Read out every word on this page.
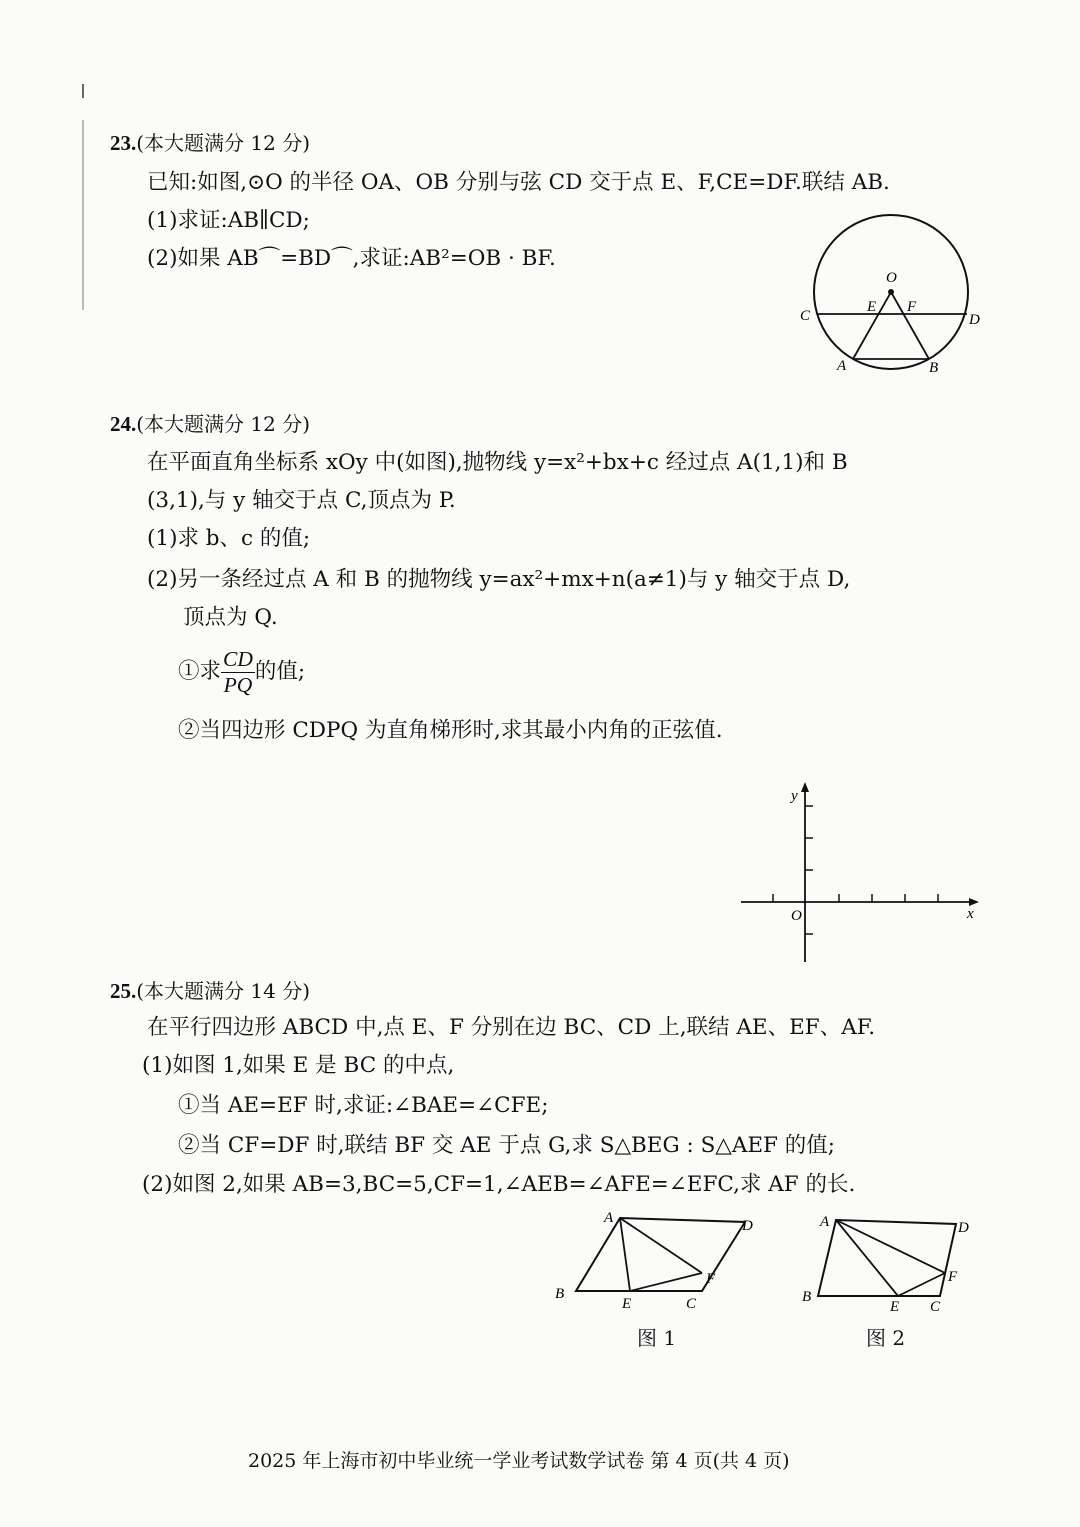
23.(本大题满分 12 分)
已知:如图,⊙O 的半径 OA、OB 分别与弦 CD 交于点 E、F,CE=DF.联结 AB.
(1)求证:AB∥CD;
(2)如果 AB⌒=BD⌒,求证:AB²=OB · BF.
O
E F
C	D
A	B
24.(本大题满分 12 分)
在平面直角坐标系 xOy 中(如图),抛物线 y=x²+bx+c 经过点 A(1,1)和 B
(3,1),与 y 轴交于点 C,顶点为 P.
(1)求 b、c 的值;
(2)另一条经过点 A 和 B 的抛物线 y=ax²+mx+n(a≠1)与 y 轴交于点 D,
顶点为 Q.
①求 $\frac{CD}{PQ}$ 的值;
②当四边形 CDPQ 为直角梯形时,求其最小内角的正弦值.
y
O	x
25.(本大题满分 14 分)
在平行四边形 ABCD 中,点 E、F 分别在边 BC、CD 上,联结 AE、EF、AF.
(1)如图 1,如果 E 是 BC 的中点,
①当 AE=EF 时,求证:∠BAE=∠CFE;
②当 CF=DF 时,联结 BF 交 AE 于点 G,求 S△BEG : S△AEF 的值;
(2)如图 2,如果 AB=3,BC=5,CF=1,∠AEB=∠AFE=∠EFC,求 AF 的长.
A	D
B
E	C
F
图 1
A	D
B
E C
F
图 2
2025 年上海市初中毕业统一学业考试数学试卷 第 4 页(共 4 页)
